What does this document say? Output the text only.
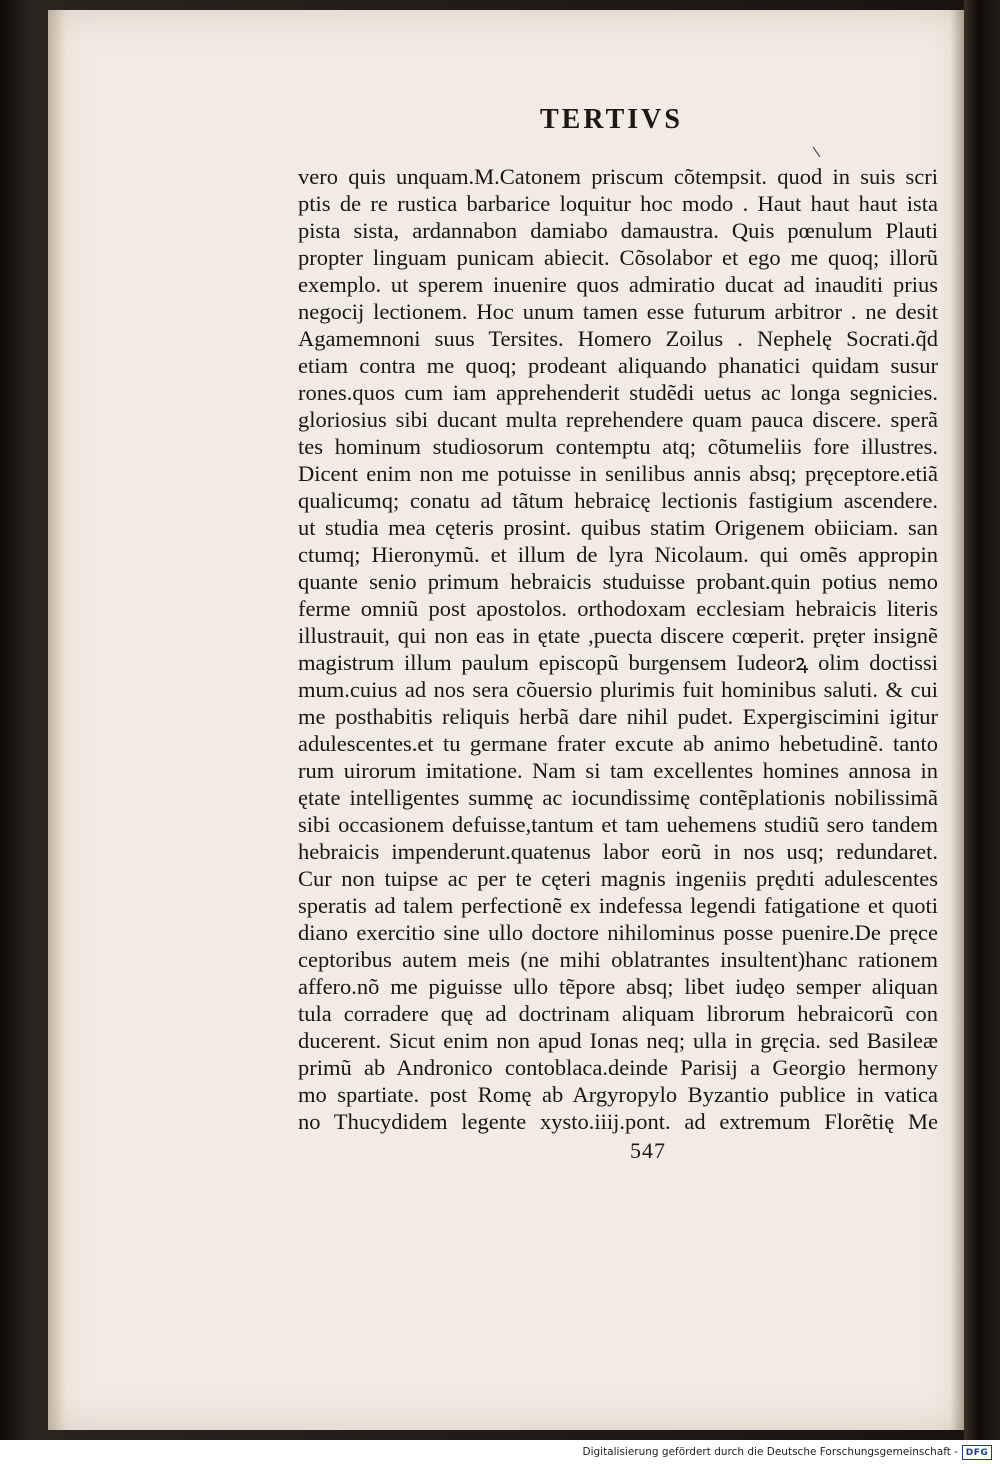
TERTIVS
vero quis unquam.M.Catonem priscum cõtempsit. quod in suis scri
ptis de re rustica barbarice loquitur hoc modo . Haut haut haut ista
pista sista, ardannabon damiabo damaustra. Quis pœnulum Plauti
propter linguam punicam abiecit. Cõsolabor et ego me quoq; illorũ
exemplo. ut sperem inuenire quos admiratio ducat ad inauditi prius
negocij lectionem. Hoc unum tamen esse futurum arbitror . ne desit
Agamemnoni suus Tersites. Homero Zoilus . Nephelę Socrati.q̃d
etiam contra me quoq; prodeant aliquando phanatici quidam susur
rones.quos cum iam apprehenderit studẽdi uetus ac longa segnicies.
gloriosius sibi ducant multa reprehendere quam pauca discere. sperã
tes hominum studiosorum contemptu atq; cõtumeliis fore illustres.
Dicent enim non me potuisse in senilibus annis absq; pręceptore.etiã
qualicumq; conatu ad tãtum hebraicę lectionis fastigium ascendere.
ut studia mea cęteris prosint. quibus statim Origenem obiiciam. san
ctumq; Hieronymũ. et illum de lyra Nicolaum. qui omẽs appropin
quante senio primum hebraicis studuisse probant.quin potius nemo
ferme omniũ post apostolos. orthodoxam ecclesiam hebraicis literis
illustrauit, qui non eas in ętate ,puecta discere cœperit. pręter insignẽ
magistrum illum paulum episcopũ burgensem Iudeorꝝ olim doctissi
mum.cuius ad nos sera cõuersio plurimis fuit hominibus saluti. & cui
me posthabitis reliquis herbã dare nihil pudet. Expergiscimini igitur
adulescentes.et tu germane frater excute ab animo hebetudinẽ. tanto
rum uirorum imitatione. Nam si tam excellentes homines annosa in
ętate intelligentes summę ac iocundissimę contẽplationis nobilissimã
sibi occasionem defuisse,tantum et tam uehemens studiũ sero tandem
hebraicis impenderunt.quatenus labor eorũ in nos usq; redundaret.
Cur non tuipse ac per te cęteri magnis ingeniis prędıti adulescentes
speratis ad talem perfectionẽ ex indefessa legendi fatigatione et quoti
diano exercitio sine ullo doctore nihilominus posse puenire.De pręce
ceptoribus autem meis (ne mihi oblatrantes insultent)hanc rationem
affero.nõ me piguisse ullo tẽpore absq; libet iudęo semper aliquan
tula corradere quę ad doctrinam aliquam librorum hebraicorũ con
ducerent. Sicut enim non apud Ionas neq; ulla in gręcia. sed Basileæ
primũ ab Andronico contoblaca.deinde Parisij a Georgio hermony
mo spartiate. post Romę ab Argyropylo Byzantio publice in vatica
no Thucydidem legente xysto.iiij.pont. ad extremum Florẽtię Me
547
Digitalisierung gefördert durch die Deutsche Forschungsgemeinschaft - DFG
